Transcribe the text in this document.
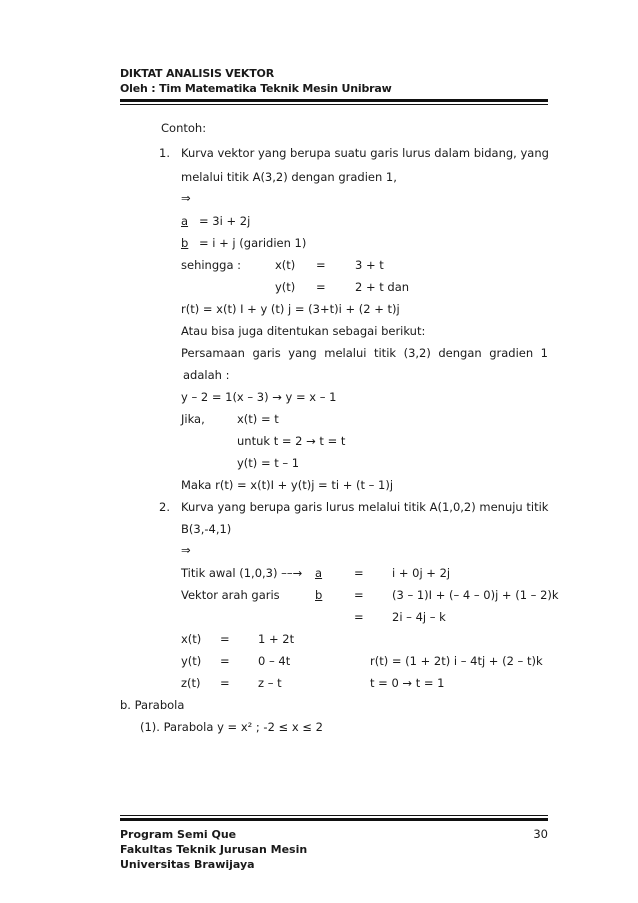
DIKTAT ANALISIS VEKTOR
Oleh : Tim Matematika Teknik Mesin Unibraw
Contoh:
1. Kurva vektor yang berupa suatu garis lurus dalam bidang, yang
melalui titik A(3,2) dengan gradien 1,
⇒
a = 3i + 2j
b = i + j (garidien 1)
sehingga :	x(t) =	3 + t
y(t) =	2 + t dan
r(t) = x(t) I + y (t) j = (3+t)i + (2 + t)j
Atau bisa juga ditentukan sebagai berikut:
Persamaan garis yang melalui titik (3,2) dengan gradien 1
adalah :
y – 2 = 1(x – 3) → y = x – 1
Jika,	x(t) = t
untuk t = 2 → t = t
y(t) = t – 1
Maka r(t) = x(t)I + y(t)j = ti + (t – 1)j
2. Kurva yang berupa garis lurus melalui titik A(1,0,2) menuju titik
B(3,-4,1)
⇒
Titik awal (1,0,3) ––→ a	= i + 0j + 2j
Vektor arah garis	b	= (3 – 1)I + (– 4 – 0)j + (1 – 2)k
= 2i – 4j – k
x(t) = 1 + 2t
y(t) = 0 – 4t	r(t) = (1 + 2t) i – 4tj + (2 – t)k
z(t) = z – t	t = 0 → t = 1
b. Parabola
(1). Parabola y = x² ; -2 ≤ x ≤ 2
Program Semi Que	30
Fakultas Teknik Jurusan Mesin
Universitas Brawijaya
